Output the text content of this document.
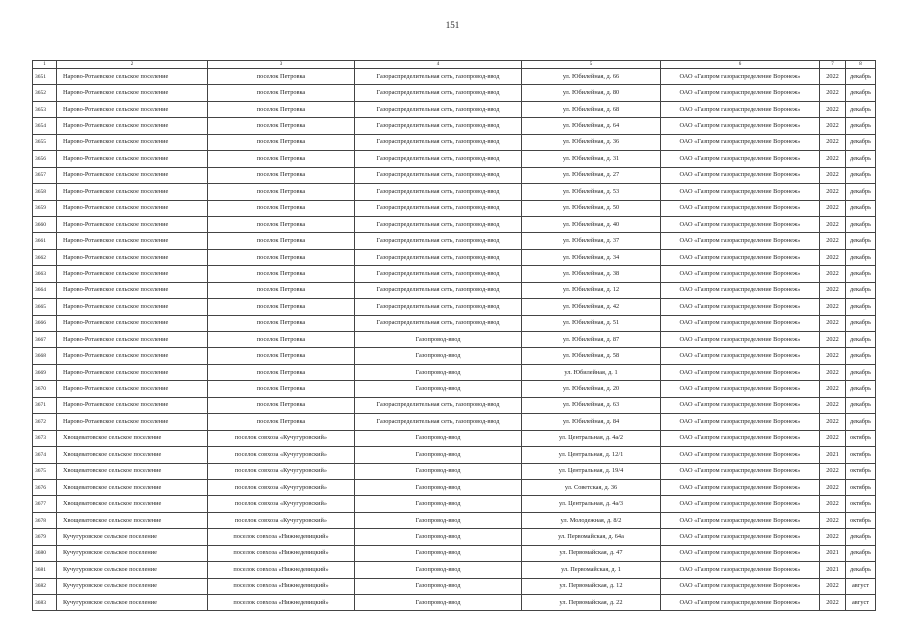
151
1	2	3	4	5	6	7	8
3651	Нарово-Ротаевское сельское поселение	поселок Петровка	Газораспределительная сеть, газопровод-ввод	ул. Юбилейная, д. 66	ОАО «Газпром газораспределение Воронеж»	2022	декабрь
3652	Нарово-Ротаевское сельское поселение	поселок Петровка	Газораспределительная сеть, газопровод-ввод	ул. Юбилейная, д. 80	ОАО «Газпром газораспределение Воронеж»	2022	декабрь
3653	Нарово-Ротаевское сельское поселение	поселок Петровка	Газораспределительная сеть, газопровод-ввод	ул. Юбилейная, д. 68	ОАО «Газпром газораспределение Воронеж»	2022	декабрь
3654	Нарово-Ротаевское сельское поселение	поселок Петровка	Газораспределительная сеть, газопровод-ввод	ул. Юбилейная, д. 64	ОАО «Газпром газораспределение Воронеж»	2022	декабрь
3655	Нарово-Ротаевское сельское поселение	поселок Петровка	Газораспределительная сеть, газопровод-ввод	ул. Юбилейная, д. 36	ОАО «Газпром газораспределение Воронеж»	2022	декабрь
3656	Нарово-Ротаевское сельское поселение	поселок Петровка	Газораспределительная сеть, газопровод-ввод	ул. Юбилейная, д. 31	ОАО «Газпром газораспределение Воронеж»	2022	декабрь
3657	Нарово-Ротаевское сельское поселение	поселок Петровка	Газораспределительная сеть, газопровод-ввод	ул. Юбилейная, д. 27	ОАО «Газпром газораспределение Воронеж»	2022	декабрь
3658	Нарово-Ротаевское сельское поселение	поселок Петровка	Газораспределительная сеть, газопровод-ввод	ул. Юбилейная, д. 53	ОАО «Газпром газораспределение Воронеж»	2022	декабрь
3659	Нарово-Ротаевское сельское поселение	поселок Петровка	Газораспределительная сеть, газопровод-ввод	ул. Юбилейная, д. 50	ОАО «Газпром газораспределение Воронеж»	2022	декабрь
3660	Нарово-Ротаевское сельское поселение	поселок Петровка	Газораспределительная сеть, газопровод-ввод	ул. Юбилейная, д. 40	ОАО «Газпром газораспределение Воронеж»	2022	декабрь
3661	Нарово-Ротаевское сельское поселение	поселок Петровка	Газораспределительная сеть, газопровод-ввод	ул. Юбилейная, д. 37	ОАО «Газпром газораспределение Воронеж»	2022	декабрь
3662	Нарово-Ротаевское сельское поселение	поселок Петровка	Газораспределительная сеть, газопровод-ввод	ул. Юбилейная, д. 34	ОАО «Газпром газораспределение Воронеж»	2022	декабрь
3663	Нарово-Ротаевское сельское поселение	поселок Петровка	Газораспределительная сеть, газопровод-ввод	ул. Юбилейная, д. 38	ОАО «Газпром газораспределение Воронеж»	2022	декабрь
3664	Нарово-Ротаевское сельское поселение	поселок Петровка	Газораспределительная сеть, газопровод-ввод	ул. Юбилейная, д. 12	ОАО «Газпром газораспределение Воронеж»	2022	декабрь
3665	Нарово-Ротаевское сельское поселение	поселок Петровка	Газораспределительная сеть, газопровод-ввод	ул. Юбилейная, д. 42	ОАО «Газпром газораспределение Воронеж»	2022	декабрь
3666	Нарово-Ротаевское сельское поселение	поселок Петровка	Газораспределительная сеть, газопровод-ввод	ул. Юбилейная, д. 51	ОАО «Газпром газораспределение Воронеж»	2022	декабрь
3667	Нарово-Ротаевское сельское поселение	поселок Петровка	Газопровод-ввод	ул. Юбилейная, д. 87	ОАО «Газпром газораспределение Воронеж»	2022	декабрь
3668	Нарово-Ротаевское сельское поселение	поселок Петровка	Газопровод-ввод	ул. Юбилейная, д. 58	ОАО «Газпром газораспределение Воронеж»	2022	декабрь
3669	Нарово-Ротаевское сельское поселение	поселок Петровка	Газопровод-ввод	ул. Юбилейная, д. 1	ОАО «Газпром газораспределение Воронеж»	2022	декабрь
3670	Нарово-Ротаевское сельское поселение	поселок Петровка	Газопровод-ввод	ул. Юбилейная, д. 20	ОАО «Газпром газораспределение Воронеж»	2022	декабрь
3671	Нарово-Ротаевское сельское поселение	поселок Петровка	Газораспределительная сеть, газопровод-ввод	ул. Юбилейная, д. 63	ОАО «Газпром газораспределение Воронеж»	2022	декабрь
3672	Нарово-Ротаевское сельское поселение	поселок Петровка	Газораспределительная сеть, газопровод-ввод	ул. Юбилейная, д. 84	ОАО «Газпром газораспределение Воронеж»	2022	декабрь
3673	Хвощеватовское сельское поселение	поселок совхоза «Кучугуровский»	Газопровод-ввод	ул. Центральная, д. 4а/2	ОАО «Газпром газораспределение Воронеж»	2022	октябрь
3674	Хвощеватовское сельское поселение	поселок совхоза «Кучугуровский»	Газопровод-ввод	ул. Центральная, д. 12/1	ОАО «Газпром газораспределение Воронеж»	2021	октябрь
3675	Хвощеватовское сельское поселение	поселок совхоза «Кучугуровский»	Газопровод-ввод	ул. Центральная, д. 19/4	ОАО «Газпром газораспределение Воронеж»	2022	октябрь
3676	Хвощеватовское сельское поселение	поселок совхоза «Кучугуровский»	Газопровод-ввод	ул. Советская, д. 36	ОАО «Газпром газораспределение Воронеж»	2022	октябрь
3677	Хвощеватовское сельское поселение	поселок совхоза «Кучугуровский»	Газопровод-ввод	ул. Центральная, д. 4а/3	ОАО «Газпром газораспределение Воронеж»	2022	октябрь
3678	Хвощеватовское сельское поселение	поселок совхоза «Кучугуровский»	Газопровод-ввод	ул. Молодежная, д. 8/2	ОАО «Газпром газораспределение Воронеж»	2022	октябрь
3679	Кучугуровское сельское поселение	поселок совхоза «Нижнедевицкий»	Газопровод-ввод	ул. Первомайская, д. 64а	ОАО «Газпром газораспределение Воронеж»	2022	декабрь
3680	Кучугуровское сельское поселение	поселок совхоза «Нижнедевицкий»	Газопровод-ввод	ул. Первомайская, д. 47	ОАО «Газпром газораспределение Воронеж»	2021	декабрь
3681	Кучугуровское сельское поселение	поселок совхоза «Нижнедевицкий»	Газопровод-ввод	ул. Первомайская, д. 1	ОАО «Газпром газораспределение Воронеж»	2021	декабрь
3682	Кучугуровское сельское поселение	поселок совхоза «Нижнедевицкий»	Газопровод-ввод	ул. Первомайская, д. 12	ОАО «Газпром газораспределение Воронеж»	2022	август
3683	Кучугуровское сельское поселение	поселок совхоза «Нижнедевицкий»	Газопровод-ввод	ул. Первомайская, д. 22	ОАО «Газпром газораспределение Воронеж»	2022	август
